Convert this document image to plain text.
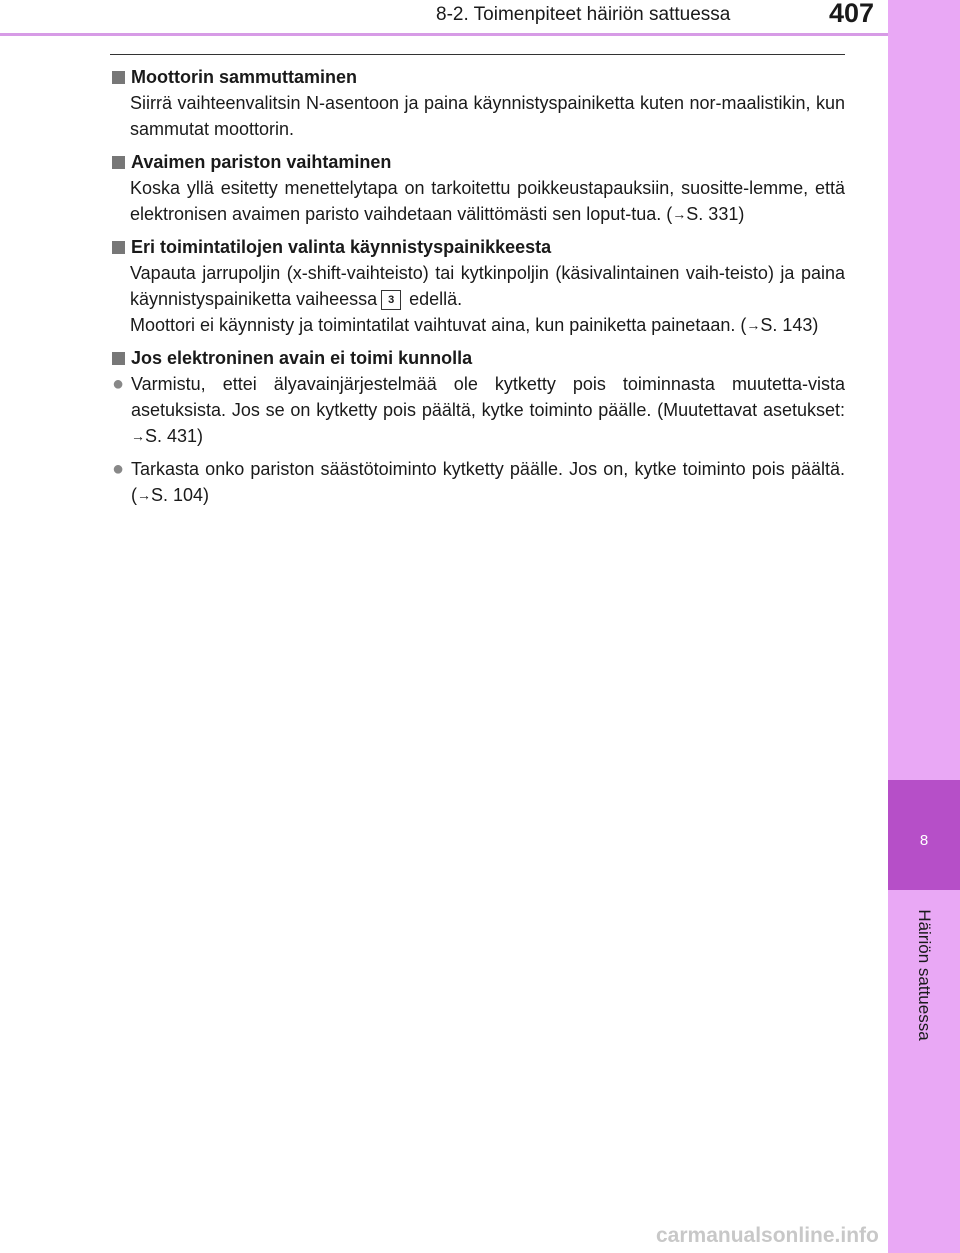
8-2. Toimenpiteet häiriön sattuessa	407
8
Häiriön sattuessa

Moottorin sammuttaminen

Siirrä vaihteenvalitsin N-asentoon ja paina käynnistyspainiketta kuten nor-maalistikin, kun sammutat moottorin.

Avaimen pariston vaihtaminen

Koska yllä esitetty menettelytapa on tarkoitettu poikkeustapauksiin, suositte-lemme, että elektronisen avaimen paristo vaihdetaan välittömästi sen loput-tua. (→S. 331)

Eri toimintatilojen valinta käynnistyspainikkeesta

Vapauta jarrupoljin (x-shift-vaihteisto) tai kytkinpoljin (käsivalintainen vaih-teisto) ja paina käynnistyspainiketta vaiheessa 3 edellä.
Moottori ei käynnisty ja toimintatilat vaihtuvat aina, kun painiketta painetaan. (→S. 143)

Jos elektroninen avain ei toimi kunnolla

● Varmistu, ettei älyavainjärjestelmää ole kytketty pois toiminnasta muutetta-vista asetuksista. Jos se on kytketty pois päältä, kytke toiminto päälle. (Muutettavat asetukset: →S. 431)
● Tarkasta onko pariston säästötoiminto kytketty päälle. Jos on, kytke toiminto pois päältä. (→S. 104)
carmanualsonline.info
